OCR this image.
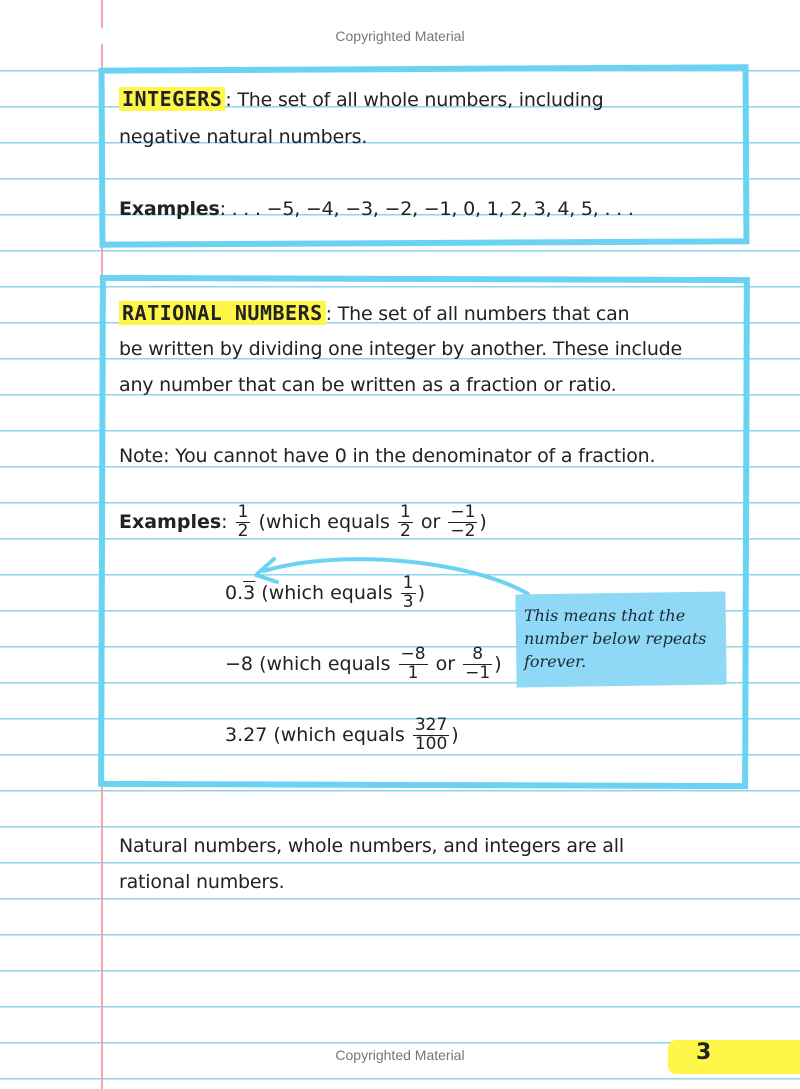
Copyrighted Material
INTEGERS : The set of all whole numbers, including
negative natural numbers.
Examples: . . . −5, −4, −3, −2, −1, 0, 1, 2, 3, 4, 5, . . .
RATIONAL NUMBERS : The set of all numbers that can
be written by dividing one integer by another. These include
any number that can be written as a fraction or ratio.
Note: You cannot have 0 in the denominator of a fraction.
Examples: $\frac{1}{2}$ (which equals $\frac{1}{2}$ or $\frac{-1}{-2}$ )
0.3 (which equals $\frac{1}{3}$ )
−8 (which equals $\frac{-8}{1}$ or $\frac{8}{-1}$ )
3.27 (which equals $\frac{327}{100}$ )
This means that the number below repeats forever.
Natural numbers, whole numbers, and integers are all
rational numbers.
Copyrighted Material	3
